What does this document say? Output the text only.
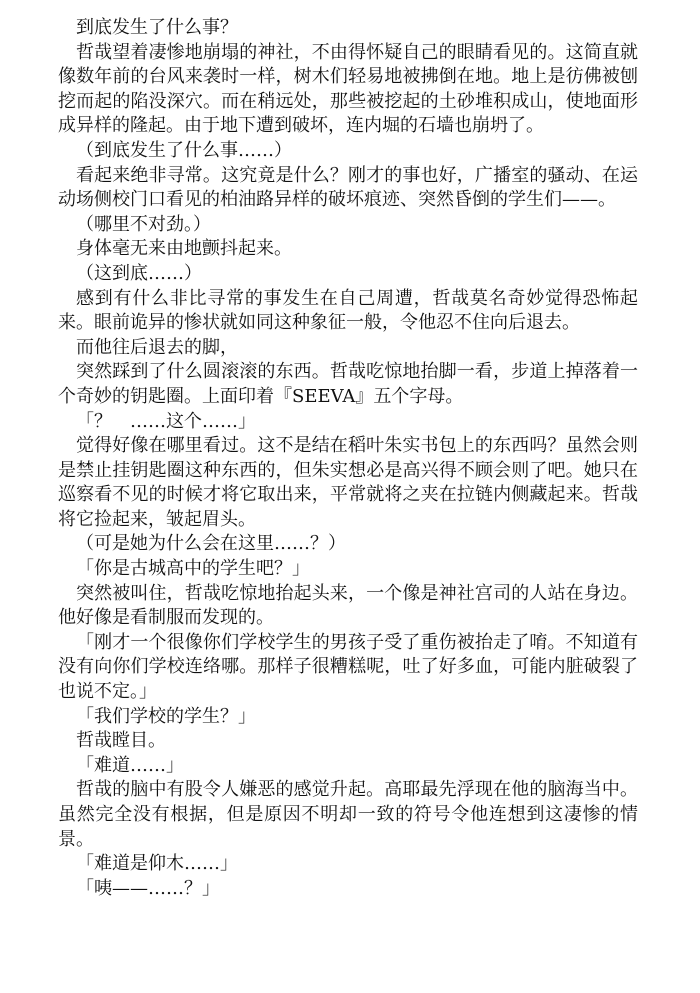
到底发生了什么事？

哲哉望着凄惨地崩塌的神社，不由得怀疑自己的眼睛看见的。这简直就像数年前的台风来袭时一样，树木们轻易地被拂倒在地。地上是彷佛被刨挖而起的陷没深穴。而在稍远处，那些被挖起的土砂堆积成山，使地面形成异样的隆起。由于地下遭到破坏，连内堀的石墙也崩坍了。

（到底发生了什么事……）

看起来绝非寻常。这究竟是什么？刚才的事也好，广播室的骚动、在运动场侧校门口看见的柏油路异样的破坏痕迹、突然昏倒的学生们——。

（哪里不对劲。）

身体毫无来由地颤抖起来。

（这到底……）

感到有什么非比寻常的事发生在自己周遭，哲哉莫名奇妙觉得恐怖起来。眼前诡异的惨状就如同这种象征一般，令他忍不住向后退去。

而他往后退去的脚，

突然踩到了什么圆滚滚的东西。哲哉吃惊地抬脚一看，步道上掉落着一个奇妙的钥匙圈。上面印着『SEEVA』五个字母。

「？　……这个……」

觉得好像在哪里看过。这不是结在稻叶朱实书包上的东西吗？虽然会则是禁止挂钥匙圈这种东西的，但朱实想必是高兴得不顾会则了吧。她只在巡察看不见的时候才将它取出来，平常就将之夹在拉链内侧藏起来。哲哉将它捡起来，皱起眉头。

（可是她为什么会在这里……？）

「你是古城高中的学生吧？」

突然被叫住，哲哉吃惊地抬起头来，一个像是神社宫司的人站在身边。他好像是看制服而发现的。

「刚才一个很像你们学校学生的男孩子受了重伤被抬走了唷。不知道有没有向你们学校连络哪。那样子很糟糕呢，吐了好多血，可能内脏破裂了也说不定。」

「我们学校的学生？」

哲哉瞠目。

「难道……」

哲哉的脑中有股令人嫌恶的感觉升起。高耶最先浮现在他的脑海当中。虽然完全没有根据，但是原因不明却一致的符号令他连想到这凄惨的情景。

「难道是仰木……」

「咦——……？」
